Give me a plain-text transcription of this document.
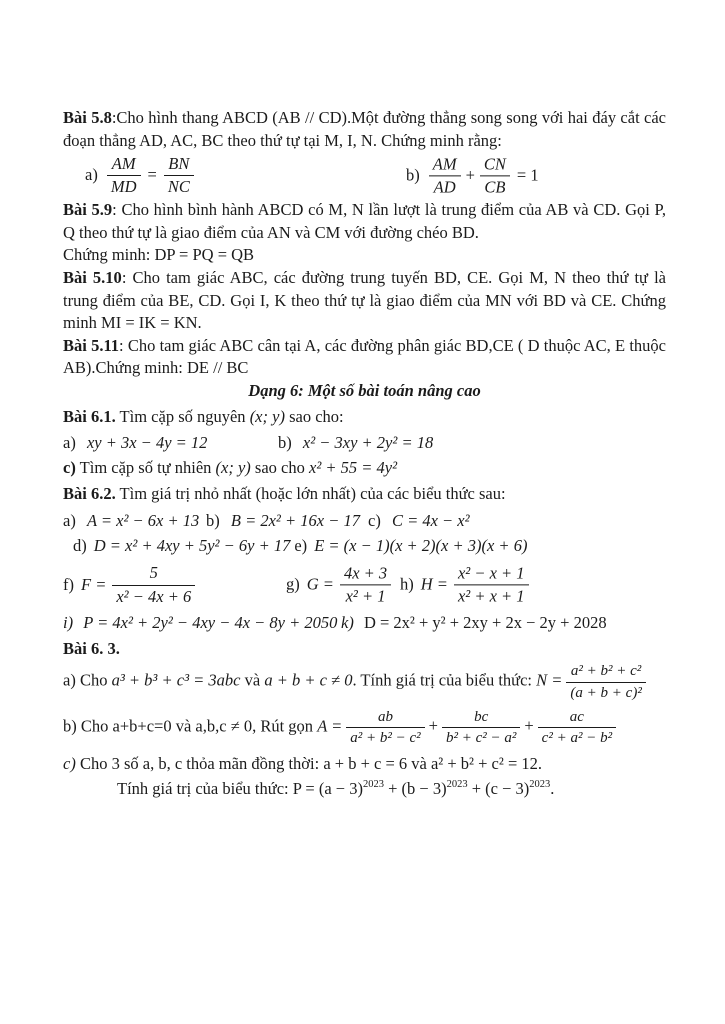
Bài 5.8:Cho hình thang ABCD (AB // CD).Một đường thẳng song song với hai đáy cắt các đoạn thẳng AD, AC, BC theo thứ tự tại M, I, N. Chứng minh rằng:

$a) \frac{AM}{MD} = \frac{BN}{NC}$	$b) \frac{AM}{AD} + \frac{CN}{CB} = 1$

Bài 5.9: Cho hình bình hành ABCD có M, N lần lượt là trung điểm của AB và CD. Gọi P, Q theo thứ tự là giao điểm của AN và CM với đường chéo BD.

Chứng minh: DP = PQ = QB

Bài 5.10: Cho tam giác ABC, các đường trung tuyến BD, CE. Gọi M, N theo thứ tự là trung điểm của BE, CD. Gọi I, K theo thứ tự là giao điểm của MN với BD và CE. Chứng minh MI = IK = KN.

Bài 5.11: Cho tam giác ABC cân tại A, các đường phân giác BD,CE ( D thuộc AC, E thuộc AB).Chứng minh: DE // BC

Dạng 6: Một số bài toán nâng cao

Bài 6.1. Tìm cặp số nguyên (x; y) sao cho:

a) xy + 3x − 4y = 12	b) x² − 3xy + 2y² = 18

c) Tìm cặp số tự nhiên (x; y) sao cho x² + 55 = 4y²

Bài 6.2. Tìm giá trị nhỏ nhất (hoặc lớn nhất) của các biểu thức sau:

a) A = x² − 6x + 13 b) B = 2x² + 16x − 17 c) C = 4x − x²

d) D = x² + 4xy + 5y² − 6y + 17 e) E = (x − 1)(x + 2)(x + 3)(x + 6)

f) $F = \frac{5}{\text{x² − 4x + 6}}$	g) $G = \frac{4x + 3}{\text{x² + 1}} h$) $H = \frac{\text{x² − x + 1}}{\text{x² + x + 1}}$

i) P = 4x² + 2y² − 4xy − 4x − 8y + 2050 k) D = 2x² + y² + 2xy + 2x − 2y + 2028

Bài 6. 3.

a) Cho a³ + b³ + c³ = 3abc và a + b + c ≠ 0. Tính giá trị của biểu thức: $N = \frac{\text{a² + b² + c²}}{\text{(a + b + c)²}}$

b) Cho a+b+c=0 và a,b,c ≠ 0, Rút gọn $A = \frac{ab}{\text{a² + b² − c²}} + \frac{bc}{\text{b² + c² − a²}} + \frac{ac}{\text{c² + a² − b²}}$

c) Cho 3 số a, b, c thỏa mãn đồng thời: a + b + c = 6 và a² + b² + c² = 12.

Tính giá trị của biểu thức: $P = (a - 3)^{2023} + (b - 3)^{2023} + (c - 3)^{2023}$.
